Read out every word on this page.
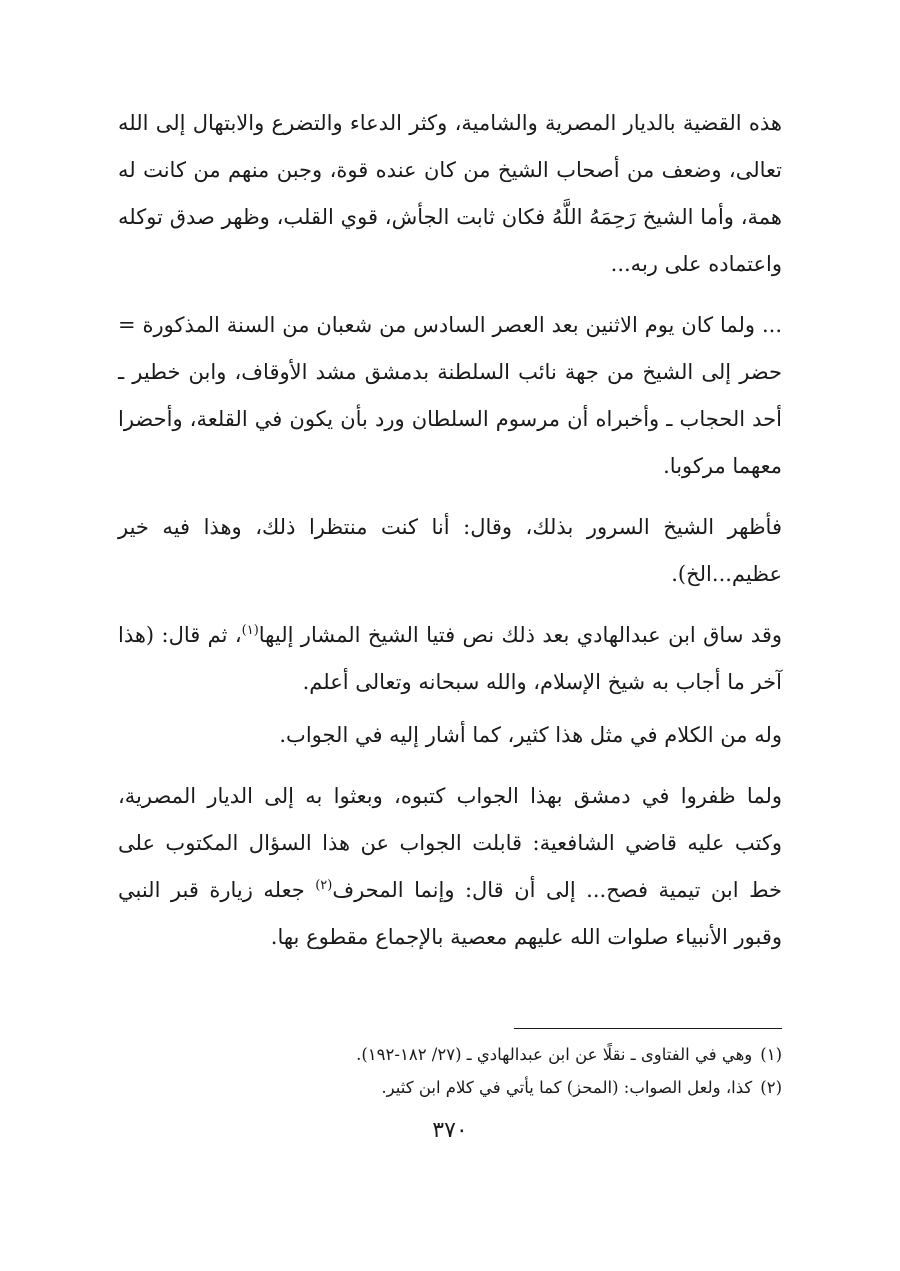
هذه القضية بالديار المصرية والشامية، وكثر الدعاء والتضرع والابتهال إلى الله تعالى، وضعف من أصحاب الشيخ من كان عنده قوة، وجبن منهم من كانت له همة، وأما الشيخ رَحِمَهُ اللَّهُ فكان ثابت الجأش، قوي القلب، وظهر صدق توكله واعتماده على ربه...

... ولما كان يوم الاثنين بعد العصر السادس من شعبان من السنة المذكورة = حضر إلى الشيخ من جهة نائب السلطنة بدمشق مشد الأوقاف، وابن خطير ـ أحد الحجاب ـ وأخبراه أن مرسوم السلطان ورد بأن يكون في القلعة، وأحضرا معهما مركوبا.

فأظهر الشيخ السرور بذلك، وقال: أنا كنت منتظرا ذلك، وهذا فيه خير عظيم...الخ).

وقد ساق ابن عبدالهادي بعد ذلك نص فتيا الشيخ المشار إليها$^{(١)}$، ثم قال: (هذا آخر ما أجاب به شيخ الإسلام، والله سبحانه وتعالى أعلم.

وله من الكلام في مثل هذا كثير، كما أشار إليه في الجواب.

ولما ظفروا في دمشق بهذا الجواب كتبوه، وبعثوا به إلى الديار المصرية، وكتب عليه قاضي الشافعية: قابلت الجواب عن هذا السؤال المكتوب على خط ابن تيمية فصح... إلى أن قال: وإنما المحرف$^{(٢)}$ جعله زيارة قبر النبي وقبور الأنبياء صلوات الله عليهم معصية بالإجماع مقطوع بها.

(١)وهي في الفتاوى ـ نقلًا عن ابن عبدالهادي ـ (٢٧/ ١٨٢-١٩٢).

(٢)كذا، ولعل الصواب: (المحز) كما يأتي في كلام ابن كثير.

٣٧٠
